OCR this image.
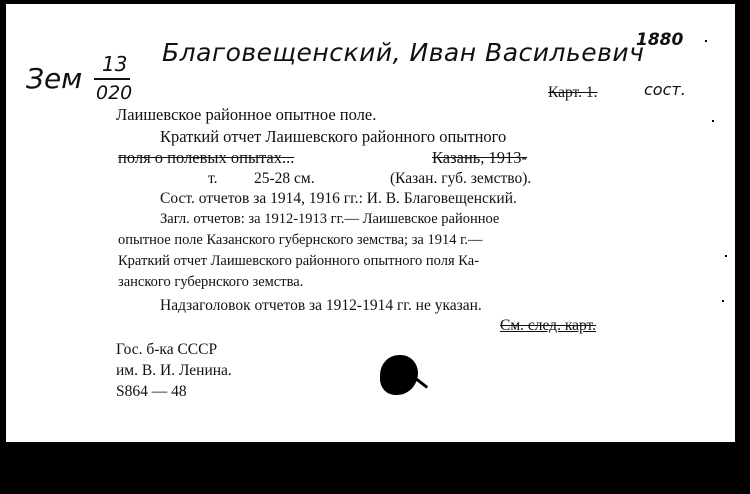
Зем 13
020
Благовещенский, Иван Васильевич
1880
сост.
Карт. 1.
Лаишевское районное опытное поле.
Краткий отчет Лаишевского районного опытного
поля о полевых опытах...	Казань, 1913-
т. 25-28 см.	(Казан. губ. земство).
Сост. отчетов за 1914, 1916 гг.: И. В. Благовещенский.
Загл. отчетов: за 1912-1913 гг.— Лаишевское районное
опытное поле Казанского губернского земства; за 1914 г.—
Краткий отчет Лаишевского районного опытного поля Ка-
занского губернского земства.
Надзаголовок отчетов за 1912-1914 гг. не указан.
См. след. карт.
Гос. б-ка СССР
им. В. И. Ленина.
S864 — 48
